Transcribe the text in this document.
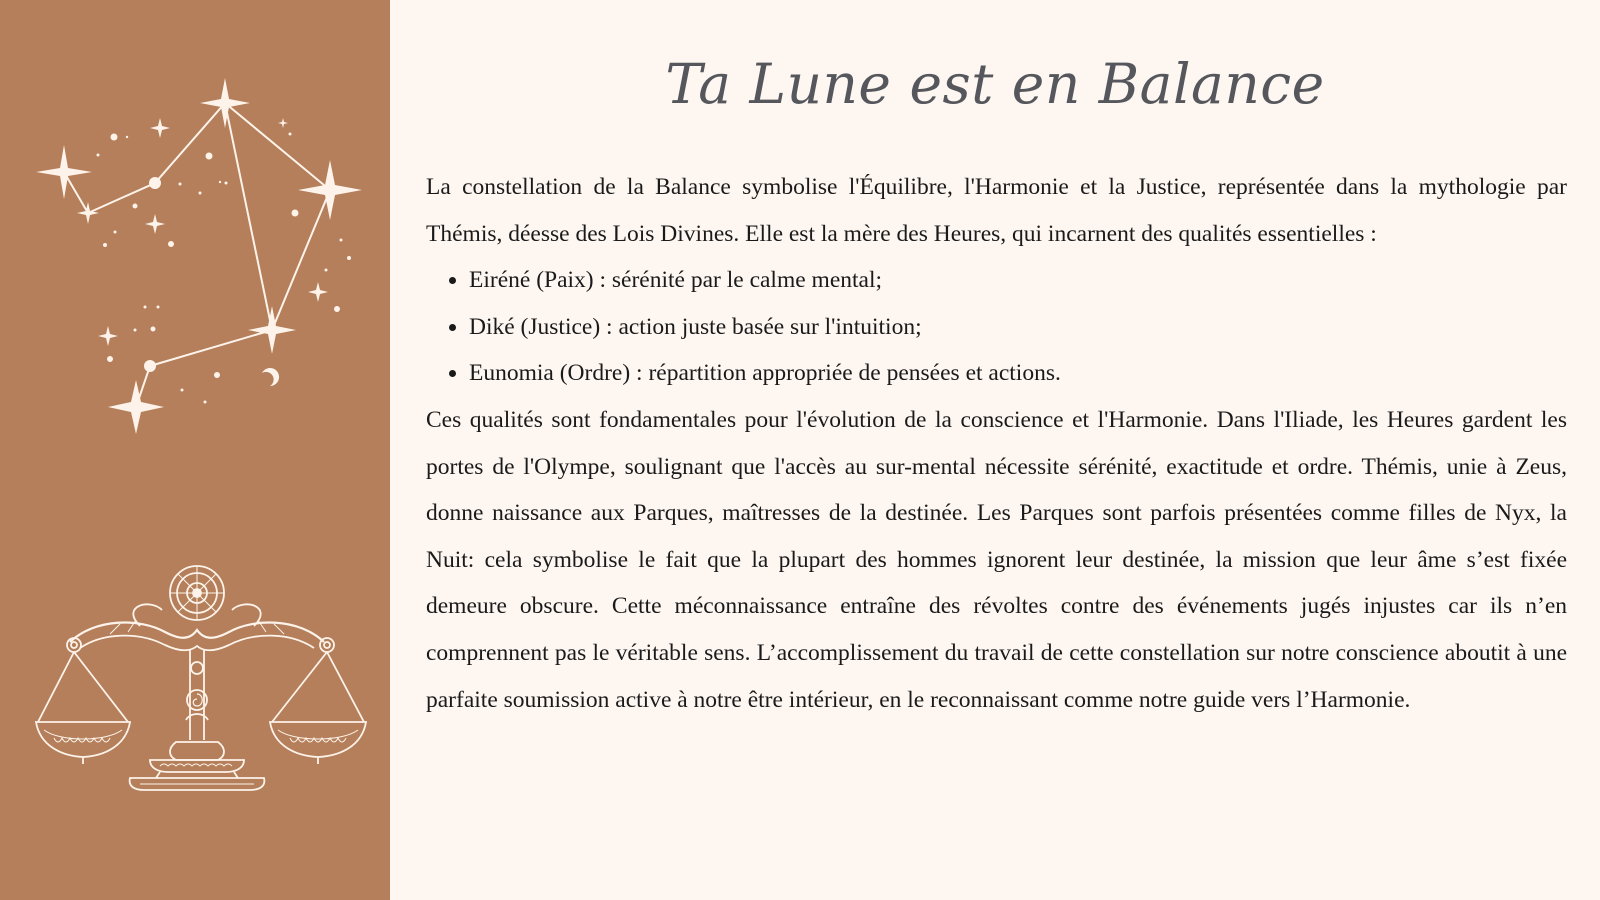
Ta Lune est en Balance

La constellation de la Balance symbolise l'Équilibre, l'Harmonie et la Justice, représentée dans la mythologie par Thémis, déesse des Lois Divines. Elle est la mère des Heures, qui incarnent des qualités essentielles :

• Eiréné (Paix) : sérénité par le calme mental;
• Diké (Justice) : action juste basée sur l'intuition;
• Eunomia (Ordre) : répartition appropriée de pensées et actions.

Ces qualités sont fondamentales pour l'évolution de la conscience et l'Harmonie. Dans l'Iliade, les Heures gardent les portes de l'Olympe, soulignant que l'accès au sur-mental nécessite sérénité, exactitude et ordre. Thémis, unie à Zeus, donne naissance aux Parques, maîtresses de la destinée. Les Parques sont parfois présentées comme filles de Nyx, la Nuit: cela symbolise le fait que la plupart des hommes ignorent leur destinée, la mission que leur âme s’est fixée demeure obscure. Cette méconnaissance entraîne des révoltes contre des événements jugés injustes car ils n’en comprennent pas le véritable sens. L’accomplissement du travail de cette constellation sur notre conscience aboutit à une parfaite soumission active à notre être intérieur, en le reconnaissant comme notre guide vers l’Harmonie.
